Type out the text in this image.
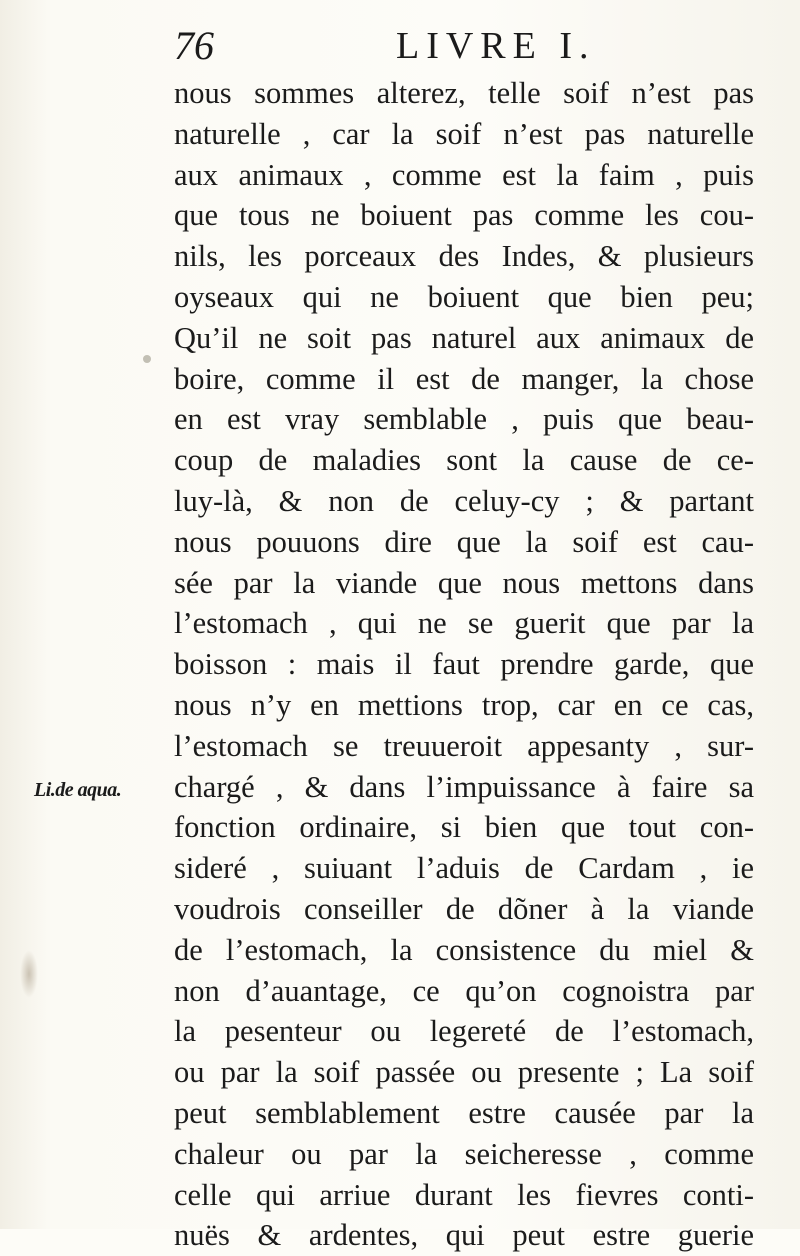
76	LIVRE I.
Li.de aqua.
nous sommes alterez, telle soif n’est pas
naturelle , car la soif n’est pas naturelle
aux animaux , comme est la faim , puis
que tous ne boiuent pas comme les cou-
nils, les porceaux des Indes, & plusieurs
oyseaux qui ne boiuent que bien peu;
Qu’il ne soit pas naturel aux animaux de
boire, comme il est de manger, la chose
en est vray semblable , puis que beau-
coup de maladies sont la cause de ce-
luy-là, & non de celuy-cy ; & partant
nous pouuons dire que la soif est cau-
sée par la viande que nous mettons dans
l’estomach , qui ne se guerit que par la
boisson : mais il faut prendre garde, que
nous n’y en mettions trop, car en ce cas,
l’estomach se treuueroit appesanty , sur-
chargé , & dans l’impuissance à faire sa
fonction ordinaire, si bien que tout con-
sideré , suiuant l’aduis de Cardam , ie
voudrois conseiller de dõner à la viande
de l’estomach, la consistence du miel &
non d’auantage, ce qu’on cognoistra par
la pesenteur ou legereté de l’estomach,
ou par la soif passée ou presente ; La soif
peut semblablement estre causée par la
chaleur ou par la seicheresse , comme
celle qui arriue durant les fievres conti-
nuës & ardentes, qui peut estre guerie
